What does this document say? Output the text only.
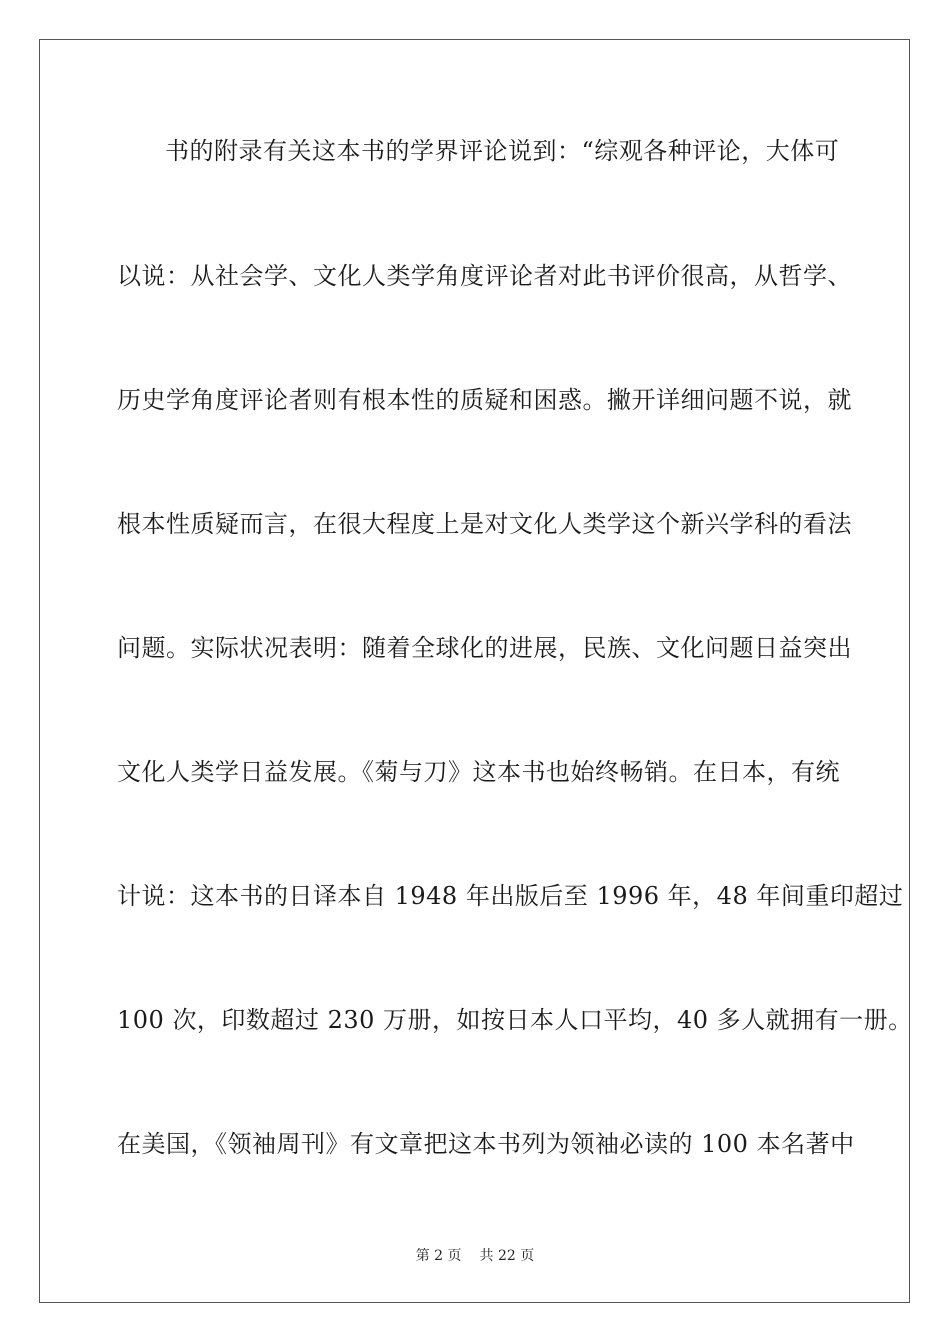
书的附录有关这本书的学界评论说到：“综观各种评论，大体可
以说：从社会学、文化人类学角度评论者对此书评价很高，从哲学、
历史学角度评论者则有根本性的质疑和困惑。撇开详细问题不说，就
根本性质疑而言，在很大程度上是对文化人类学这个新兴学科的看法
问题。实际状况表明：随着全球化的进展，民族、文化问题日益突出
文化人类学日益发展。《菊与刀》这本书也始终畅销。在日本，有统
计说：这本书的日译本自 1948 年出版后至 1996 年，48 年间重印超过
100 次，印数超过 230 万册，如按日本人口平均，40 多人就拥有一册。
在美国，《领袖周刊》有文章把这本书列为领袖必读的 100 本名著中
第 2 页 共 22 页
